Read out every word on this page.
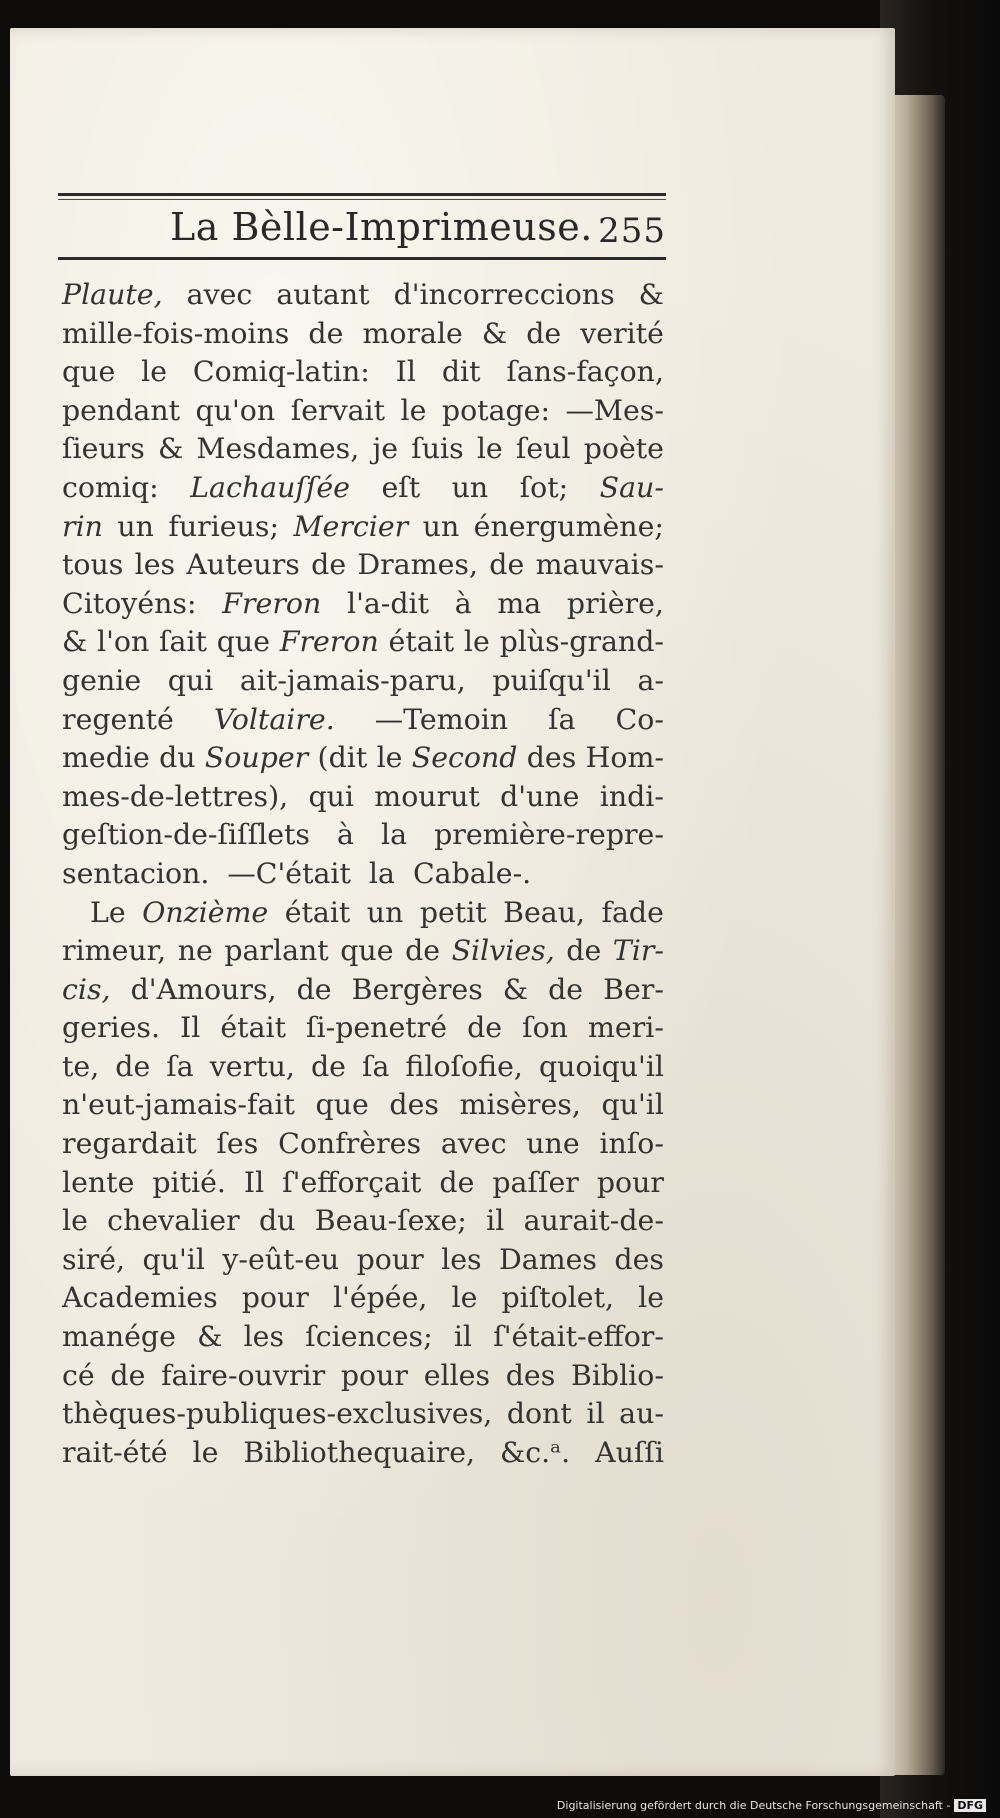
La Bèlle-Imprimeuse. 255
Plaute, avec autant d'incorreccions &
mille-fois-moins de morale & de verité
que le Comiq-latin: Il dit ſans-façon,
pendant qu'on ſervait le potage: —Mes-
ſieurs & Mesdames, je ſuis le ſeul poète
comiq: Lachauſſée eſt un ſot; Sau-
rin un furieus; Mercier un énergumène;
tous les Auteurs de Drames, de mauvais-
Citoyéns: Freron l'a-dit à ma prière,
& l'on ſait que Freron était le plùs-grand-
genie qui ait-jamais-paru, puiſqu'il a-
regenté Voltaire. —Temoin ſa Co-
medie du Souper (dit le Second des Hom-
mes-de-lettres), qui mourut d'une indi-
geſtion-de-ſiſſlets à la première-repre-
sentacion. —C'était la Cabale-.
Le Onzième était un petit Beau, fade
rimeur, ne parlant que de Silvies, de Tir-
cis, d'Amours, de Bergères & de Ber-
geries. Il était ſi-penetré de ſon meri-
te, de ſa vertu, de ſa filoſofie, quoiqu'il
n'eut-jamais-fait que des misères, qu'il
regardait ſes Confrères avec une inſo-
lente pitié. Il ſ'efforçait de paſſer pour
le chevalier du Beau-ſexe; il aurait-de-
siré, qu'il y-eût-eu pour les Dames des
Academies pour l'épée, le piſtolet, le
manége & les ſciences; il ſ'était-effor-
cé de faire-ouvrir pour elles des Biblio-
thèques-publiques-exclusives, dont il au-
rait-été le Bibliothequaire, &c.ᵃ. Auſſi
Digitalisierung gefördert durch die Deutsche Forschungsgemeinschaft - DFG
